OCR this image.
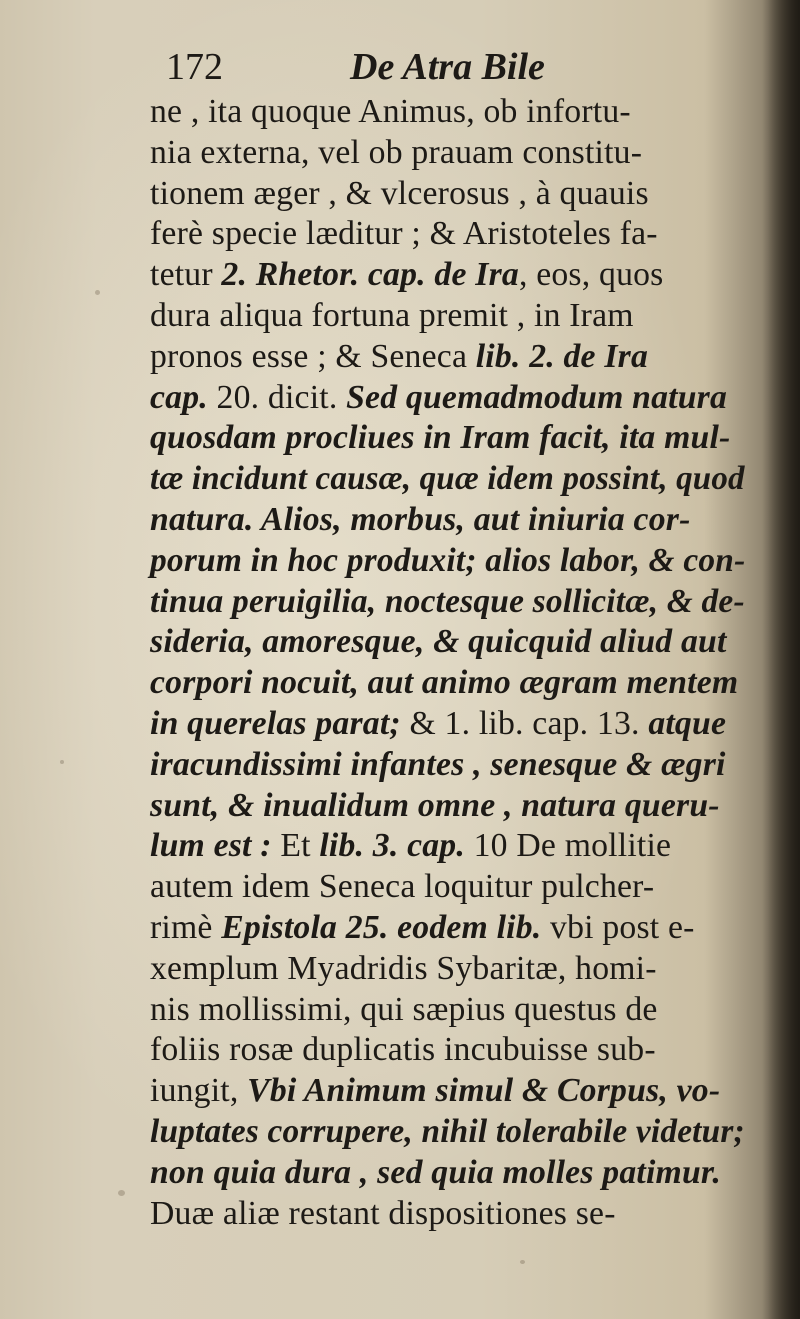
172	De Atra Bile
ne , ita quoque Animus, ob infortu-
nia externa, vel ob prauam constitu-
tionem æger , & vlcerosus , à quauis
ferè specie læditur ; & Aristoteles fa-
tetur 2. Rhetor. cap. de Ira, eos, quos
dura aliqua fortuna premit , in Iram
pronos esse ; & Seneca lib. 2. de Ira
cap. 20. dicit. Sed quemadmodum natura
quosdam procliues in Iram facit, ita mul-
tæ incidunt causæ, quæ idem possint, quod
natura. Alios, morbus, aut iniuria cor-
porum in hoc produxit; alios labor, & con-
tinua peruigilia, noctesque sollicitæ, & de-
sideria, amoresque, & quicquid aliud aut
corpori nocuit, aut animo ægram mentem
in querelas parat; & 1. lib. cap. 13. atque
iracundissimi infantes , senesque & ægri
sunt, & inualidum omne , natura queru-
lum est : Et lib. 3. cap. 10 De mollitie
autem idem Seneca loquitur pulcher-
rimè Epistola 25. eodem lib. vbi post e-
xemplum Myadridis Sybaritæ, homi-
nis mollissimi, qui sæpius questus de
foliis rosæ duplicatis incubuisse sub-
iungit, Vbi Animum simul & Corpus, vo-
luptates corrupere, nihil tolerabile videtur;
non quia dura , sed quia molles patimur.
Duæ aliæ restant dispositiones se-
